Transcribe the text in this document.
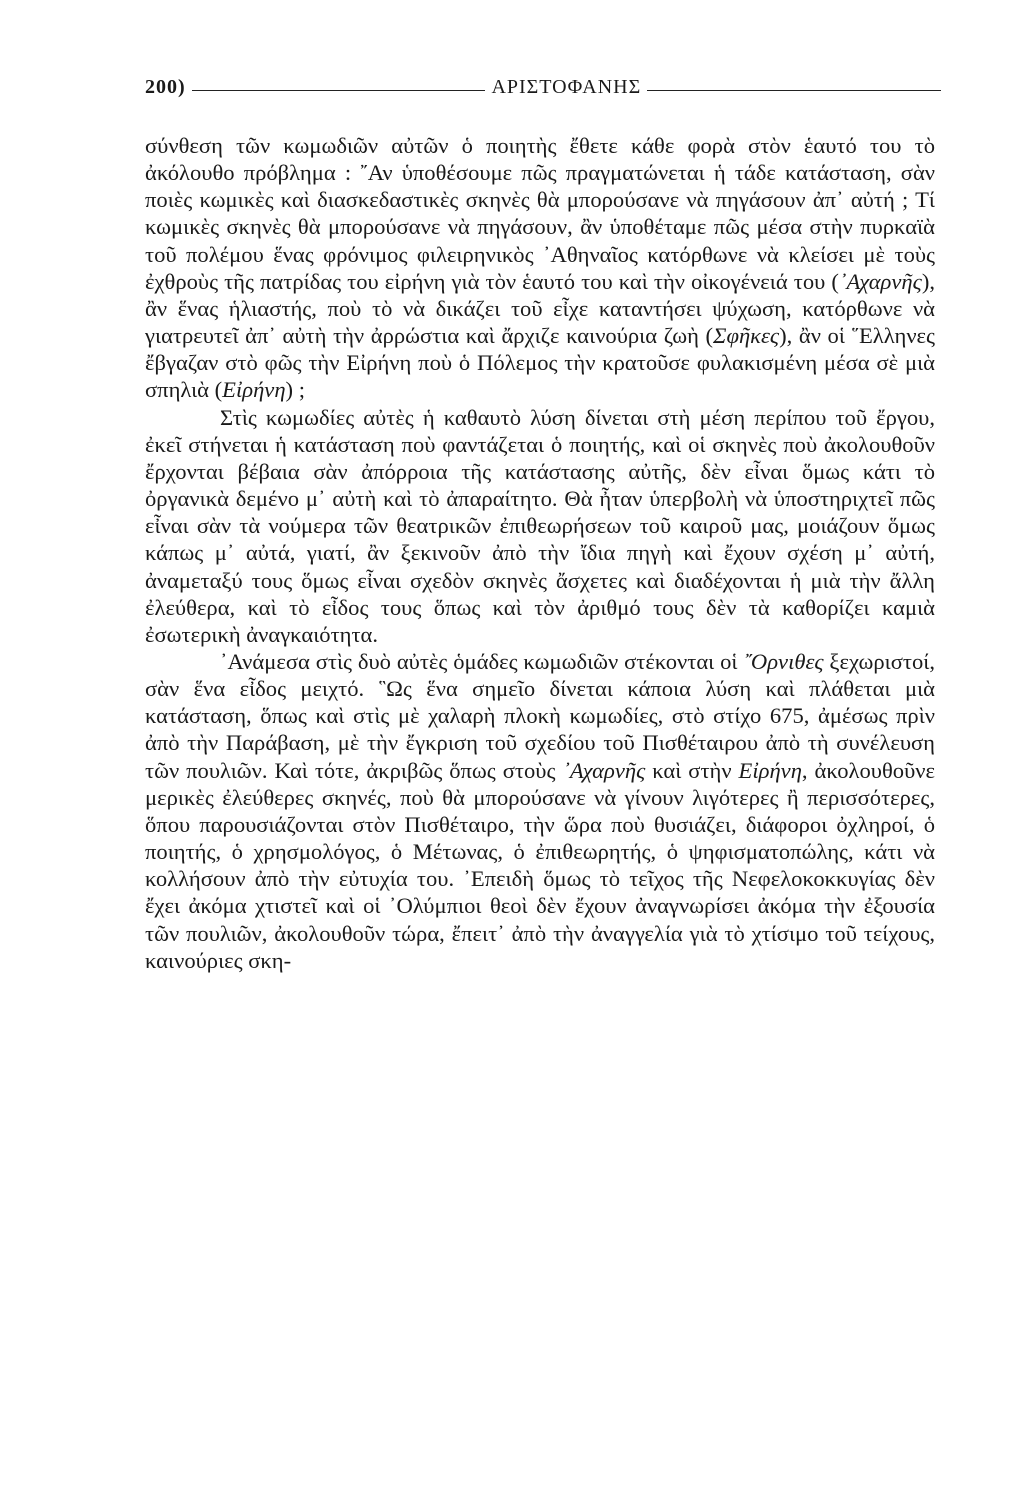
200)	ΑΡΙΣΤΟΦΑΝΗΣ

σύνθεση τῶν κωμωδιῶν αὐτῶν ὁ ποιητὴς ἔθετε κάθε φορὰ στὸν ἑαυτό του τὸ ἀκόλουθο πρόβλημα : ῎Αν ὑποθέσουμε πῶς πραγματώνεται ἡ τάδε κατάσταση, σὰν ποιὲς κωμικὲς καὶ διασκεδαστικὲς σκηνὲς θὰ μπορούσανε νὰ πηγάσουν ἀπ᾽ αὐτή ; Τί κωμικὲς σκηνὲς θὰ μπορούσανε νὰ πηγάσουν, ἂν ὑποθέταμε πῶς μέσα στὴν πυρκαϊὰ τοῦ πολέμου ἕνας φρόνιμος φιλειρηνικὸς ᾽Αθηναῖος κατόρθωνε νὰ κλείσει μὲ τοὺς ἐχθροὺς τῆς πατρίδας του εἰρήνη γιὰ τὸν ἑαυτό του καὶ τὴν οἰκογένειά του (᾽Αχαρνῆς), ἂν ἕνας ἡλιαστής, ποὺ τὸ νὰ δικάζει τοῦ εἶχε καταντήσει ψύχωση, κατόρθωνε νὰ γιατρευτεῖ ἀπ᾽ αὐτὴ τὴν ἀρρώστια καὶ ἄρχιζε καινούρια ζωὴ (Σφῆκες), ἂν οἱ ῞Ελληνες ἔβγαζαν στὸ φῶς τὴν Εἰρήνη ποὺ ὁ Πόλεμος τὴν κρατοῦσε φυλακισμένη μέσα σὲ μιὰ σπηλιὰ (Εἰρήνη) ;

Στὶς κωμωδίες αὐτὲς ἡ καθαυτὸ λύση δίνεται στὴ μέση περίπου τοῦ ἔργου, ἐκεῖ στήνεται ἡ κατάσταση ποὺ φαντάζεται ὁ ποιητής, καὶ οἱ σκηνὲς ποὺ ἀκολουθοῦν ἔρχονται βέβαια σὰν ἀπόρροια τῆς κατάστασης αὐτῆς, δὲν εἶναι ὅμως κάτι τὸ ὀργανικὰ δεμένο μ᾽ αὐτὴ καὶ τὸ ἀπαραίτητο. Θὰ ἦταν ὑπερβολὴ νὰ ὑποστηριχτεῖ πῶς εἶναι σὰν τὰ νούμερα τῶν θεατρικῶν ἐπιθεωρήσεων τοῦ καιροῦ μας, μοιάζουν ὅμως κάπως μ᾽ αὐτά, γιατί, ἂν ξεκινοῦν ἀπὸ τὴν ἴδια πηγὴ καὶ ἔχουν σχέση μ᾽ αὐτή, ἀναμεταξύ τους ὅμως εἶναι σχεδὸν σκηνὲς ἄσχετες καὶ διαδέχονται ἡ μιὰ τὴν ἄλλη ἐλεύθερα, καὶ τὸ εἶδος τους ὅπως καὶ τὸν ἀριθμό τους δὲν τὰ καθορίζει καμιὰ ἐσωτερικὴ ἀναγκαιότητα.

᾽Ανάμεσα στὶς δυὸ αὐτὲς ὁμάδες κωμωδιῶν στέκονται οἱ ῎Ορνιθες ξεχωριστοί, σὰν ἕνα εἶδος μειχτό. ῝Ως ἕνα σημεῖο δίνεται κάποια λύση καὶ πλάθεται μιὰ κατάσταση, ὅπως καὶ στὶς μὲ χαλαρὴ πλοκὴ κωμωδίες, στὸ στίχο 675, ἀμέσως πρὶν ἀπὸ τὴν Παράβαση, μὲ τὴν ἔγκριση τοῦ σχεδίου τοῦ Πισθέταιρου ἀπὸ τὴ συνέλευση τῶν πουλιῶν. Καὶ τότε, ἀκριβῶς ὅπως στοὺς ᾽Αχαρνῆς καὶ στὴν Εἰρήνη, ἀκολουθοῦνε μερικὲς ἐλεύθερες σκηνές, ποὺ θὰ μπορούσανε νὰ γίνουν λιγότερες ἢ περισσότερες, ὅπου παρουσιάζονται στὸν Πισθέταιρο, τὴν ὥρα ποὺ θυσιάζει, διάφοροι ὀχληροί, ὁ ποιητής, ὁ χρησμολόγος, ὁ Μέτωνας, ὁ ἐπιθεωρητής, ὁ ψηφισματοπώλης, κάτι νὰ κολλήσουν ἀπὸ τὴν εὐτυχία του. ᾽Επειδὴ ὅμως τὸ τεῖχος τῆς Νεφελοκοκκυγίας δὲν ἔχει ἀκόμα χτιστεῖ καὶ οἱ ᾽Ολύμπιοι θεοὶ δὲν ἔχουν ἀναγνωρίσει ἀκόμα τὴν ἐξουσία τῶν πουλιῶν, ἀκολουθοῦν τώρα, ἔπειτ᾽ ἀπὸ τὴν ἀναγγελία γιὰ τὸ χτίσιμο τοῦ τείχους, καινούριες σκη-
